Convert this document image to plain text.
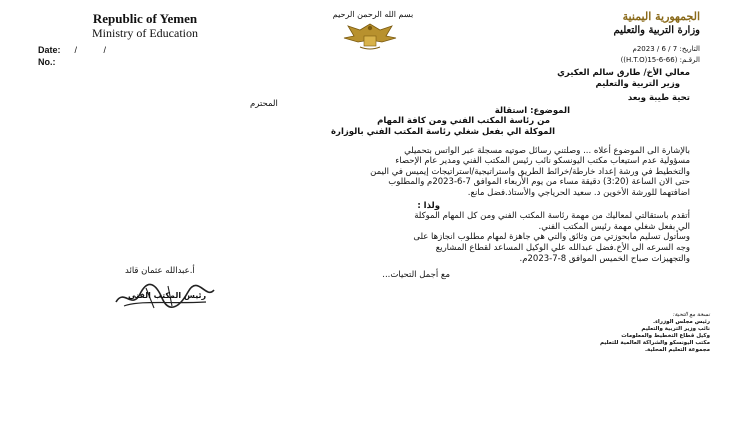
Republic of Yemen
Ministry of Education
Date: / /
No.:
بسم الله الرحمن الرحيم	الجمهورية اليمنية
وزارة التربية والتعليم
التاريخ: 7 / 6 / 2023م
الرقـم: (66-6-15(H.T.O))
معالي الأخ/ طارق سالم العكيري
وزير التربية والتعليم
تحية طيبة وبعد
الموضوع: استقالة
من رئاسة المكتب الفني ومن كافة المهام
الموكلة الي بفعل شغلي رئاسة المكتب الفني بالوزارة
بالإشارة الى الموضوع أعلاه ... وصلتني رسائل صوتيه مسجلة عبر الواتس بتحميلي
مسؤولية عدم استيعاب مكتب اليونسكو نائب رئيس المكتب الفني ومدير عام الإحصاء
والتخطيط في ورشة إعداد خارطة/خرائط الطريق واستراتيجية/استراتيجات إيميس في اليمن
حتى الان الساعة (3:20) دقيقة مساء من يوم الأربعاء الموافق 7-6-2023م والمطلوب
اضافتهما للورشة الأخوين د. سعيد الحرياجي والأستاذ.فضل مانع.
ولذا :
أتقدم باستقالتي لمعاليك من مهمة رئاسة المكتب الفني ومن كل المهام الموكلة
الي بفعل شغلي مهمة رئيس المكتب الفني.
وسأتول تسليم مابحوزتي من وثائق والتي هي جاهزة لمهام مطلوب انجازها على
وجه السرعه الى الأخ.فضل عبدالله علي الوكيل المساعد لقطاع المشاريع
والتجهيزات صباح الخميس الموافق 8-7-2023م.
مع أجمل التحيات...
المحترم
أ.عبدالله عثمان قائد
رئيس المكتب الفني
نسخة مع التحية:
رئيس مجلس الوزراء.
نائب وزير التربية والتعليم
وكيل قطاع التخطيط والمعلومات
مكتب اليونسكو والشراكة العالمية للتعليم
مجموعة التعليم المحلية.
